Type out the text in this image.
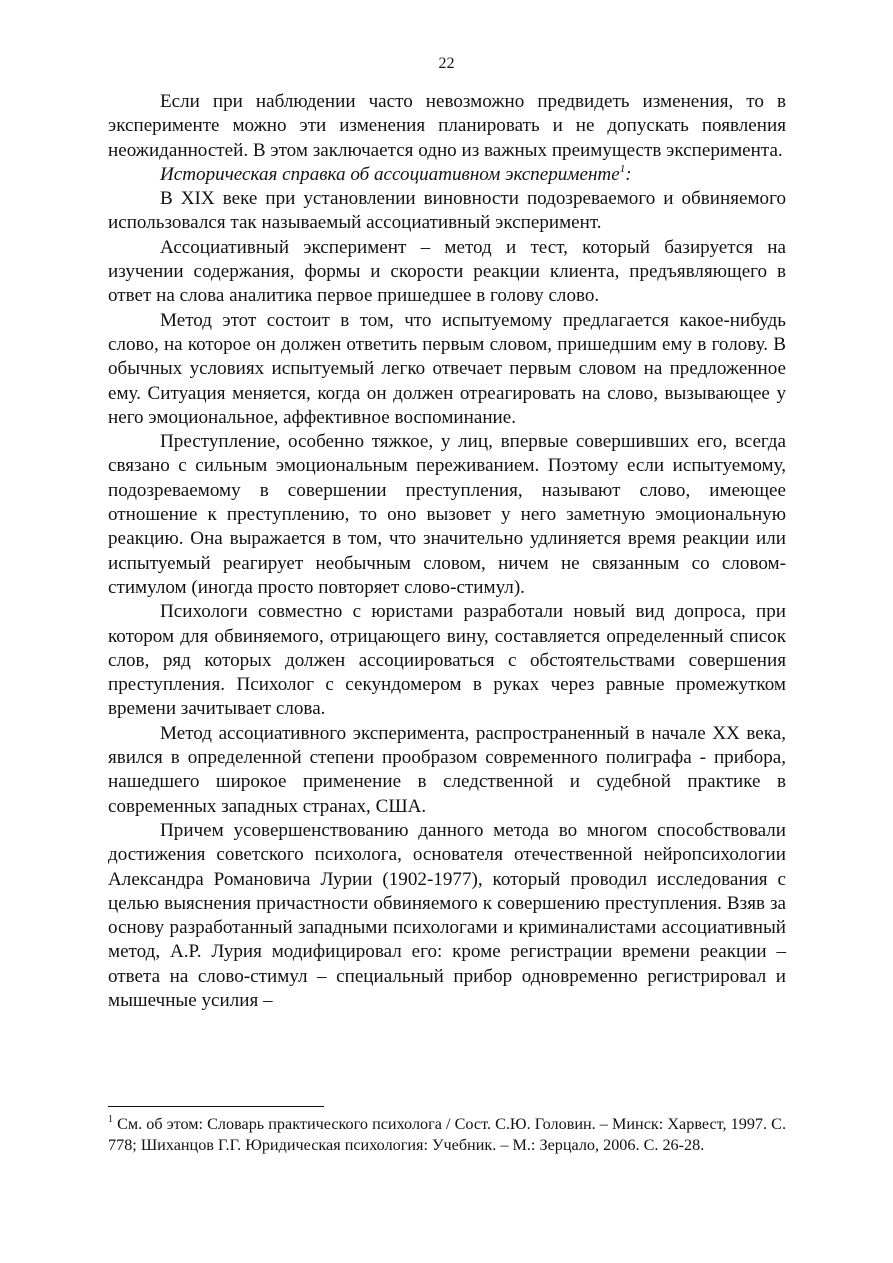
22

Если при наблюдении часто невозможно предвидеть изменения, то в эксперименте можно эти изменения планировать и не допускать появления неожиданностей. В этом заключается одно из важных преимуществ эксперимента.

Историческая справка об ассоциативном эксперименте$^1$:

В XIX веке при установлении виновности подозреваемого и обвиняемого использовался так называемый ассоциативный эксперимент.

Ассоциативный эксперимент – метод и тест, который базируется на изучении содержания, формы и скорости реакции клиента, предъявляющего в ответ на слова аналитика первое пришедшее в голову слово.

Метод этот состоит в том, что испытуемому предлагается какое-нибудь слово, на которое он должен ответить первым словом, пришедшим ему в голову. В обычных условиях испытуемый легко отвечает первым словом на предложенное ему. Ситуация меняется, когда он должен отреагировать на слово, вызывающее у него эмоциональное, аффективное воспоминание.

Преступление, особенно тяжкое, у лиц, впервые совершивших его, всегда связано с сильным эмоциональным переживанием. Поэтому если испытуемому, подозреваемому в совершении преступления, называют слово, имеющее отношение к преступлению, то оно вызовет у него заметную эмоциональную реакцию. Она выражается в том, что значительно удлиняется время реакции или испытуемый реагирует необычным словом, ничем не связанным со словом-стимулом (иногда просто повторяет слово-стимул).

Психологи совместно с юристами разработали новый вид допроса, при котором для обвиняемого, отрицающего вину, составляется определенный список слов, ряд которых должен ассоциироваться с обстоятельствами совершения преступления. Психолог с секундомером в руках через равные промежутком времени зачитывает слова.

Метод ассоциативного эксперимента, распространенный в начале XX века, явился в определенной степени прообразом современного полиграфа - прибора, нашедшего широкое применение в следственной и судебной практике в современных западных странах, США.

Причем усовершенствованию данного метода во многом способствовали достижения советского психолога, основателя отечественной нейропсихологии Александра Романовича Лурии (1902-1977), который проводил исследования с целью выяснения причастности обвиняемого к совершению преступления. Взяв за основу разработанный западными психологами и криминалистами ассоциативный метод, А.Р. Лурия модифицировал его: кроме регистрации времени реакции – ответа на слово-стимул – специальный прибор одновременно регистрировал и мышечные усилия –

$^1$ См. об этом: Словарь практического психолога / Сост. С.Ю. Головин. – Минск: Харвест, 1997. С. 778; Шиханцов Г.Г. Юридическая психология: Учебник. – М.: Зерцало, 2006. С. 26-28.
